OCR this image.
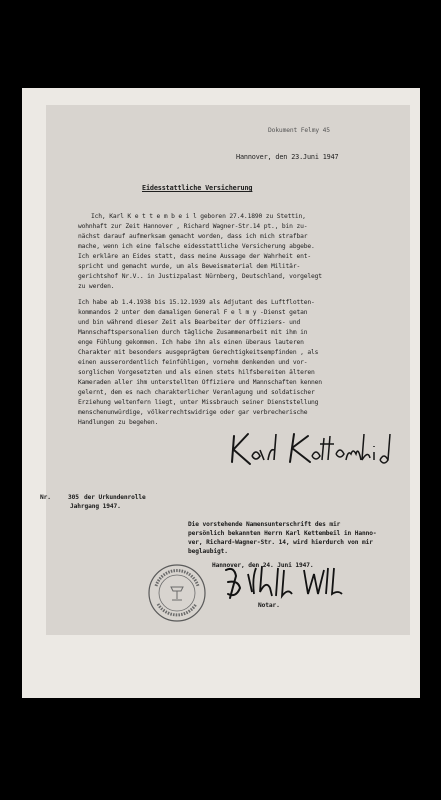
Dokument Felmy 45

Hannover, den 23.Juni 1947

Eidesstattliche Versicherung

Ich, Karl K e t t e m b e i l geboren 27.4.1890 zu Stettin,

wohnhaft zur Zeit Hannover , Richard Wagner-Str.14 pt., bin zu-

nächst darauf aufmerksam gemacht worden, dass ich mich strafbar

mache, wenn ich eine falsche eidesstattliche Versicherung abgebe.

Ich erkläre an Eides statt, dass meine Aussage der Wahrheit ent-

spricht und gemacht wurde, um als Beweismaterial dem Militär-

gerichtshof Nr.V.. in Justizpalast Nürnberg, Deutschland, vorgelegt

zu werden.

Ich habe ab 1.4.1938 bis 15.12.1939 als Adjutant des Luftflotten-

kommandos 2 unter dem damaligen General F e l m y -Dienst getan

und bin während dieser Zeit als Bearbeiter der Offiziers- und

Mannschaftspersonalien durch tägliche Zusammenarbeit mit ihm in

enge Fühlung gekommen. Ich habe ihn als einen überaus lauteren

Charakter mit besonders ausgeprägtem Gerechtigkeitsempfinden , als

einen ausserordentlich feinfühligen, vornehm denkenden und vor-

sorglichen Vorgesetzten und als einen stets hilfsbereiten älteren

Kameraden aller ihm unterstellten Offiziere und Mannschaften kennen

gelernt, dem es nach charakterlicher Veranlagung und soldatischer

Erziehung weltenfern liegt, unter Missbrauch seiner Dienststellung

menschenunwürdige, völkerrechtswidrige oder gar verbrecherische

Handlungen zu begehen.

Nr.	305 der Urkundenrolle

Jahrgang 1947.

Die vorstehende Namensunterschrift des mir

persönlich bekannten Herrn Karl Kettembeil in Hanno-

ver, Richard-Wagner-Str. 14, wird hierdurch von mir

beglaubigt.

Hannover, den 24. Juni 1947.

Notar.
